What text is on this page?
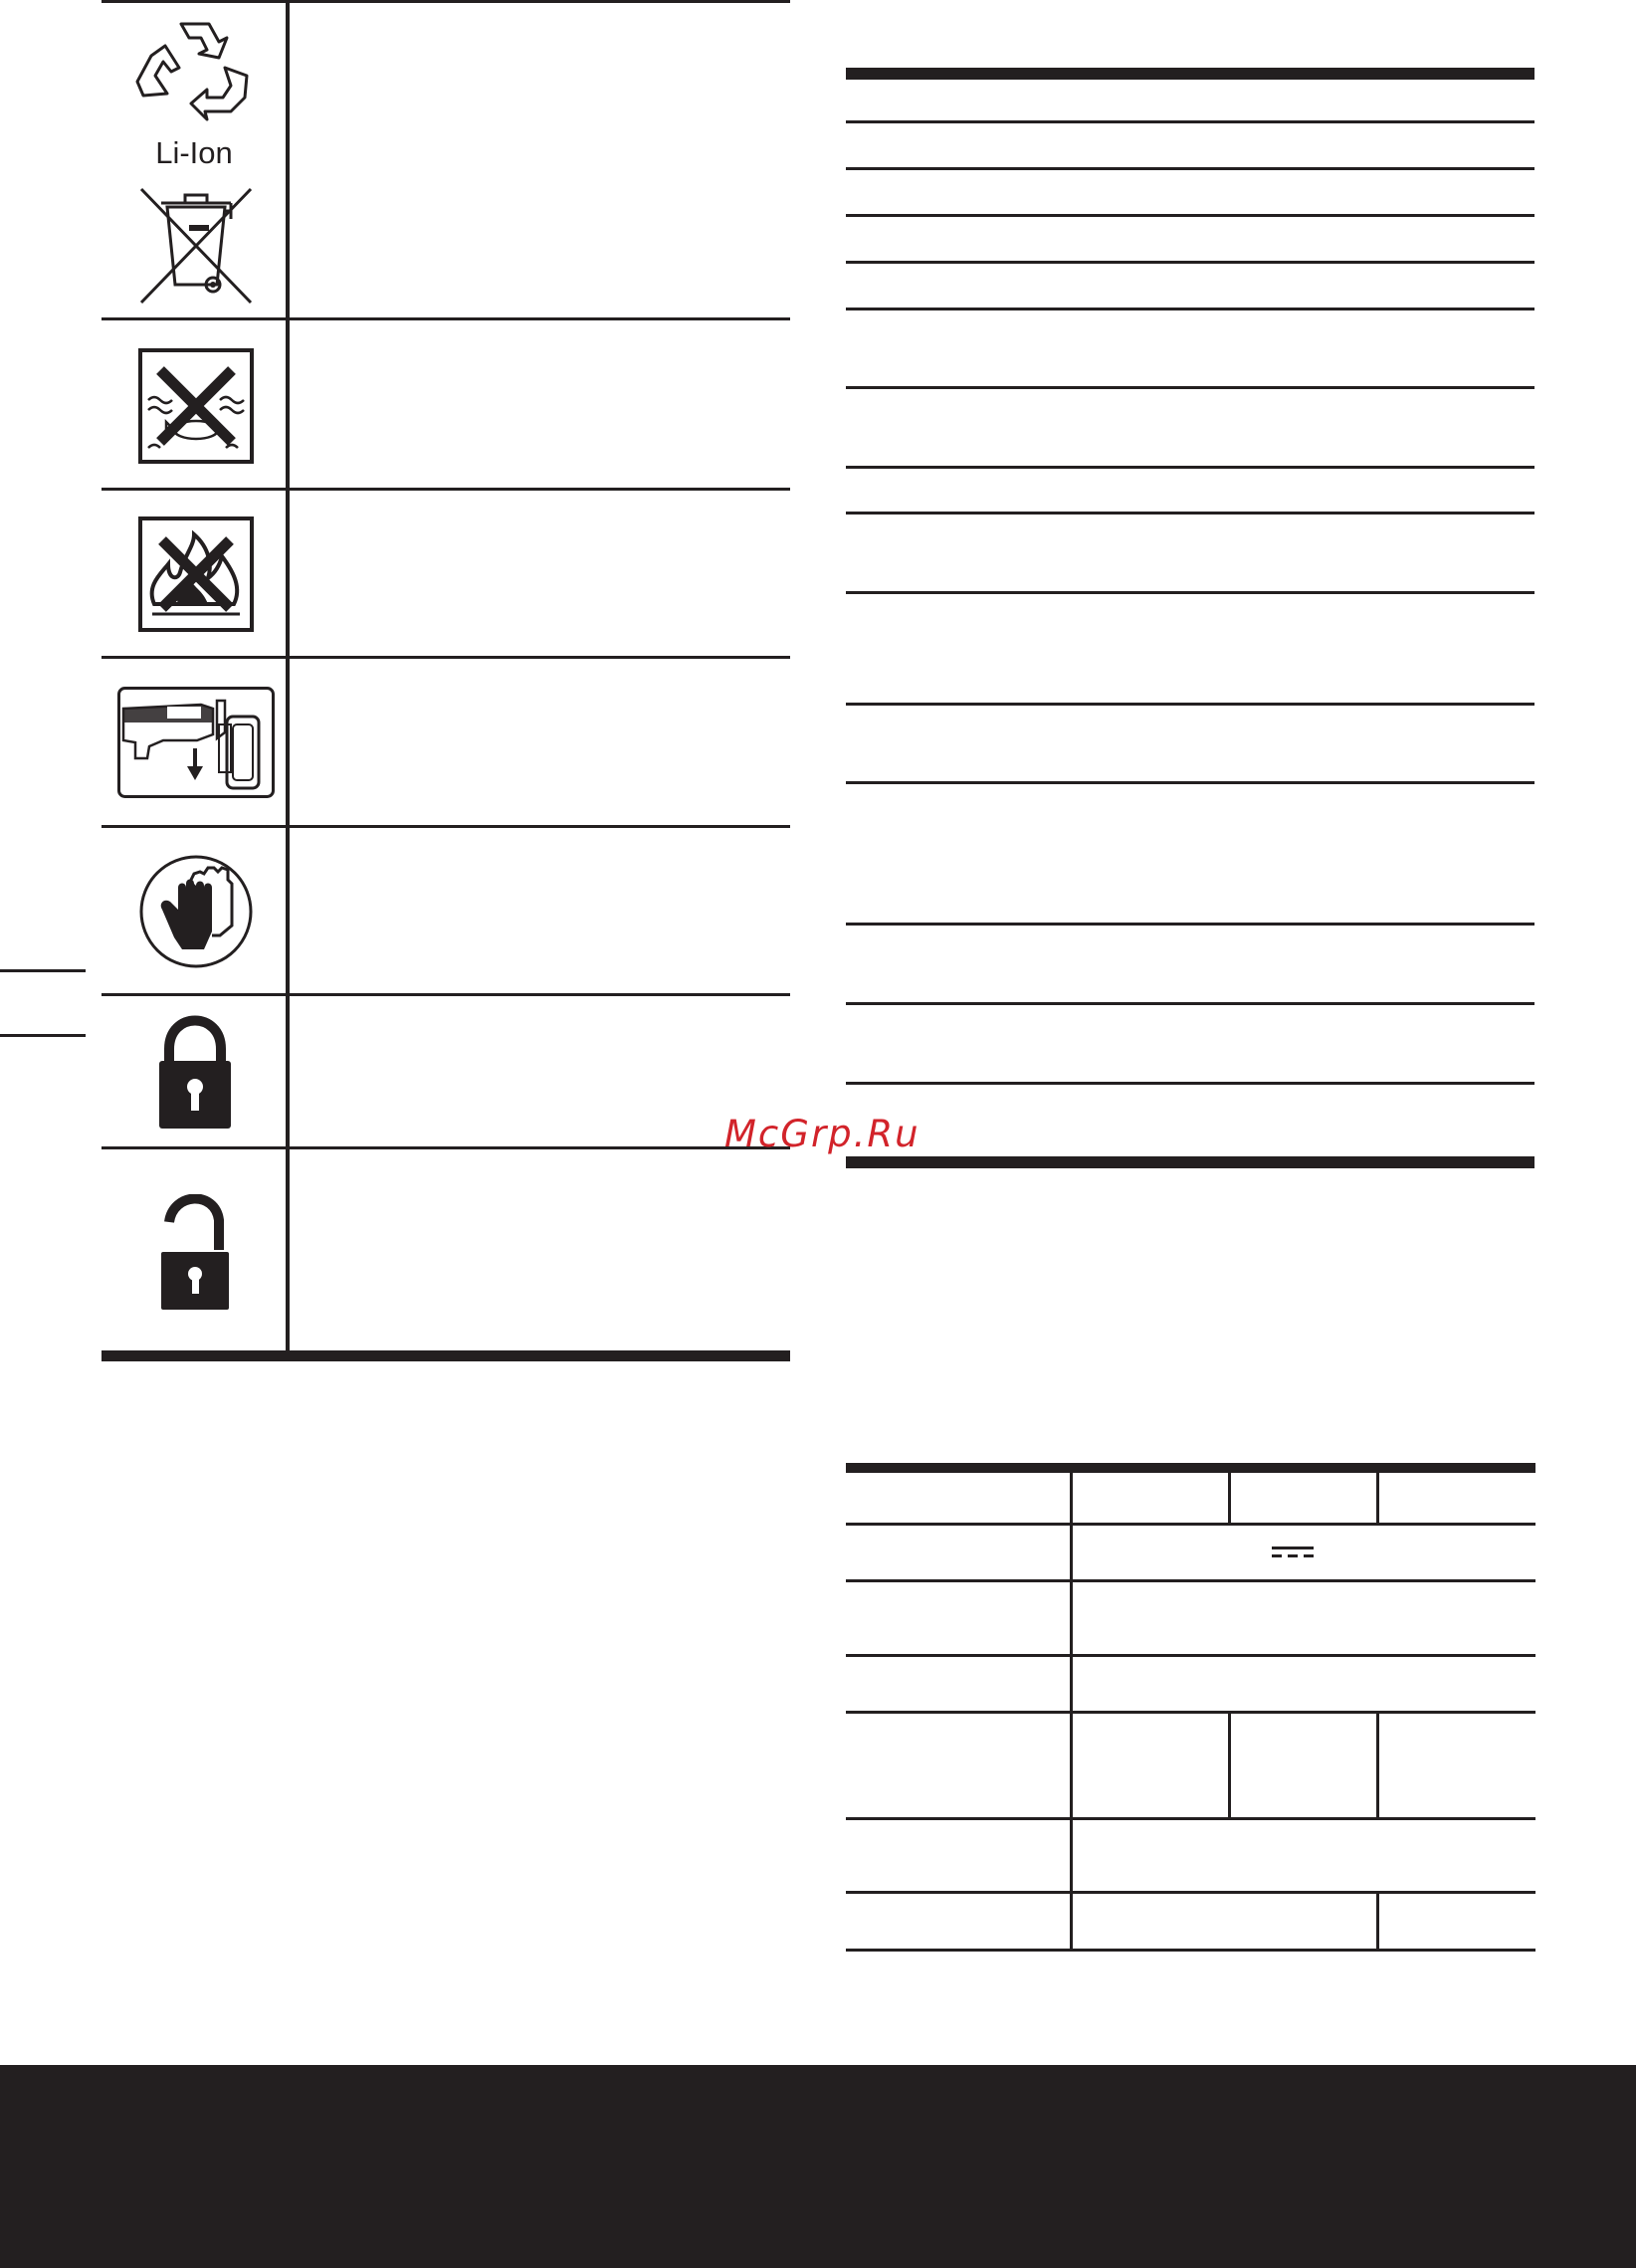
Li-Ion
McGrp.Ru
